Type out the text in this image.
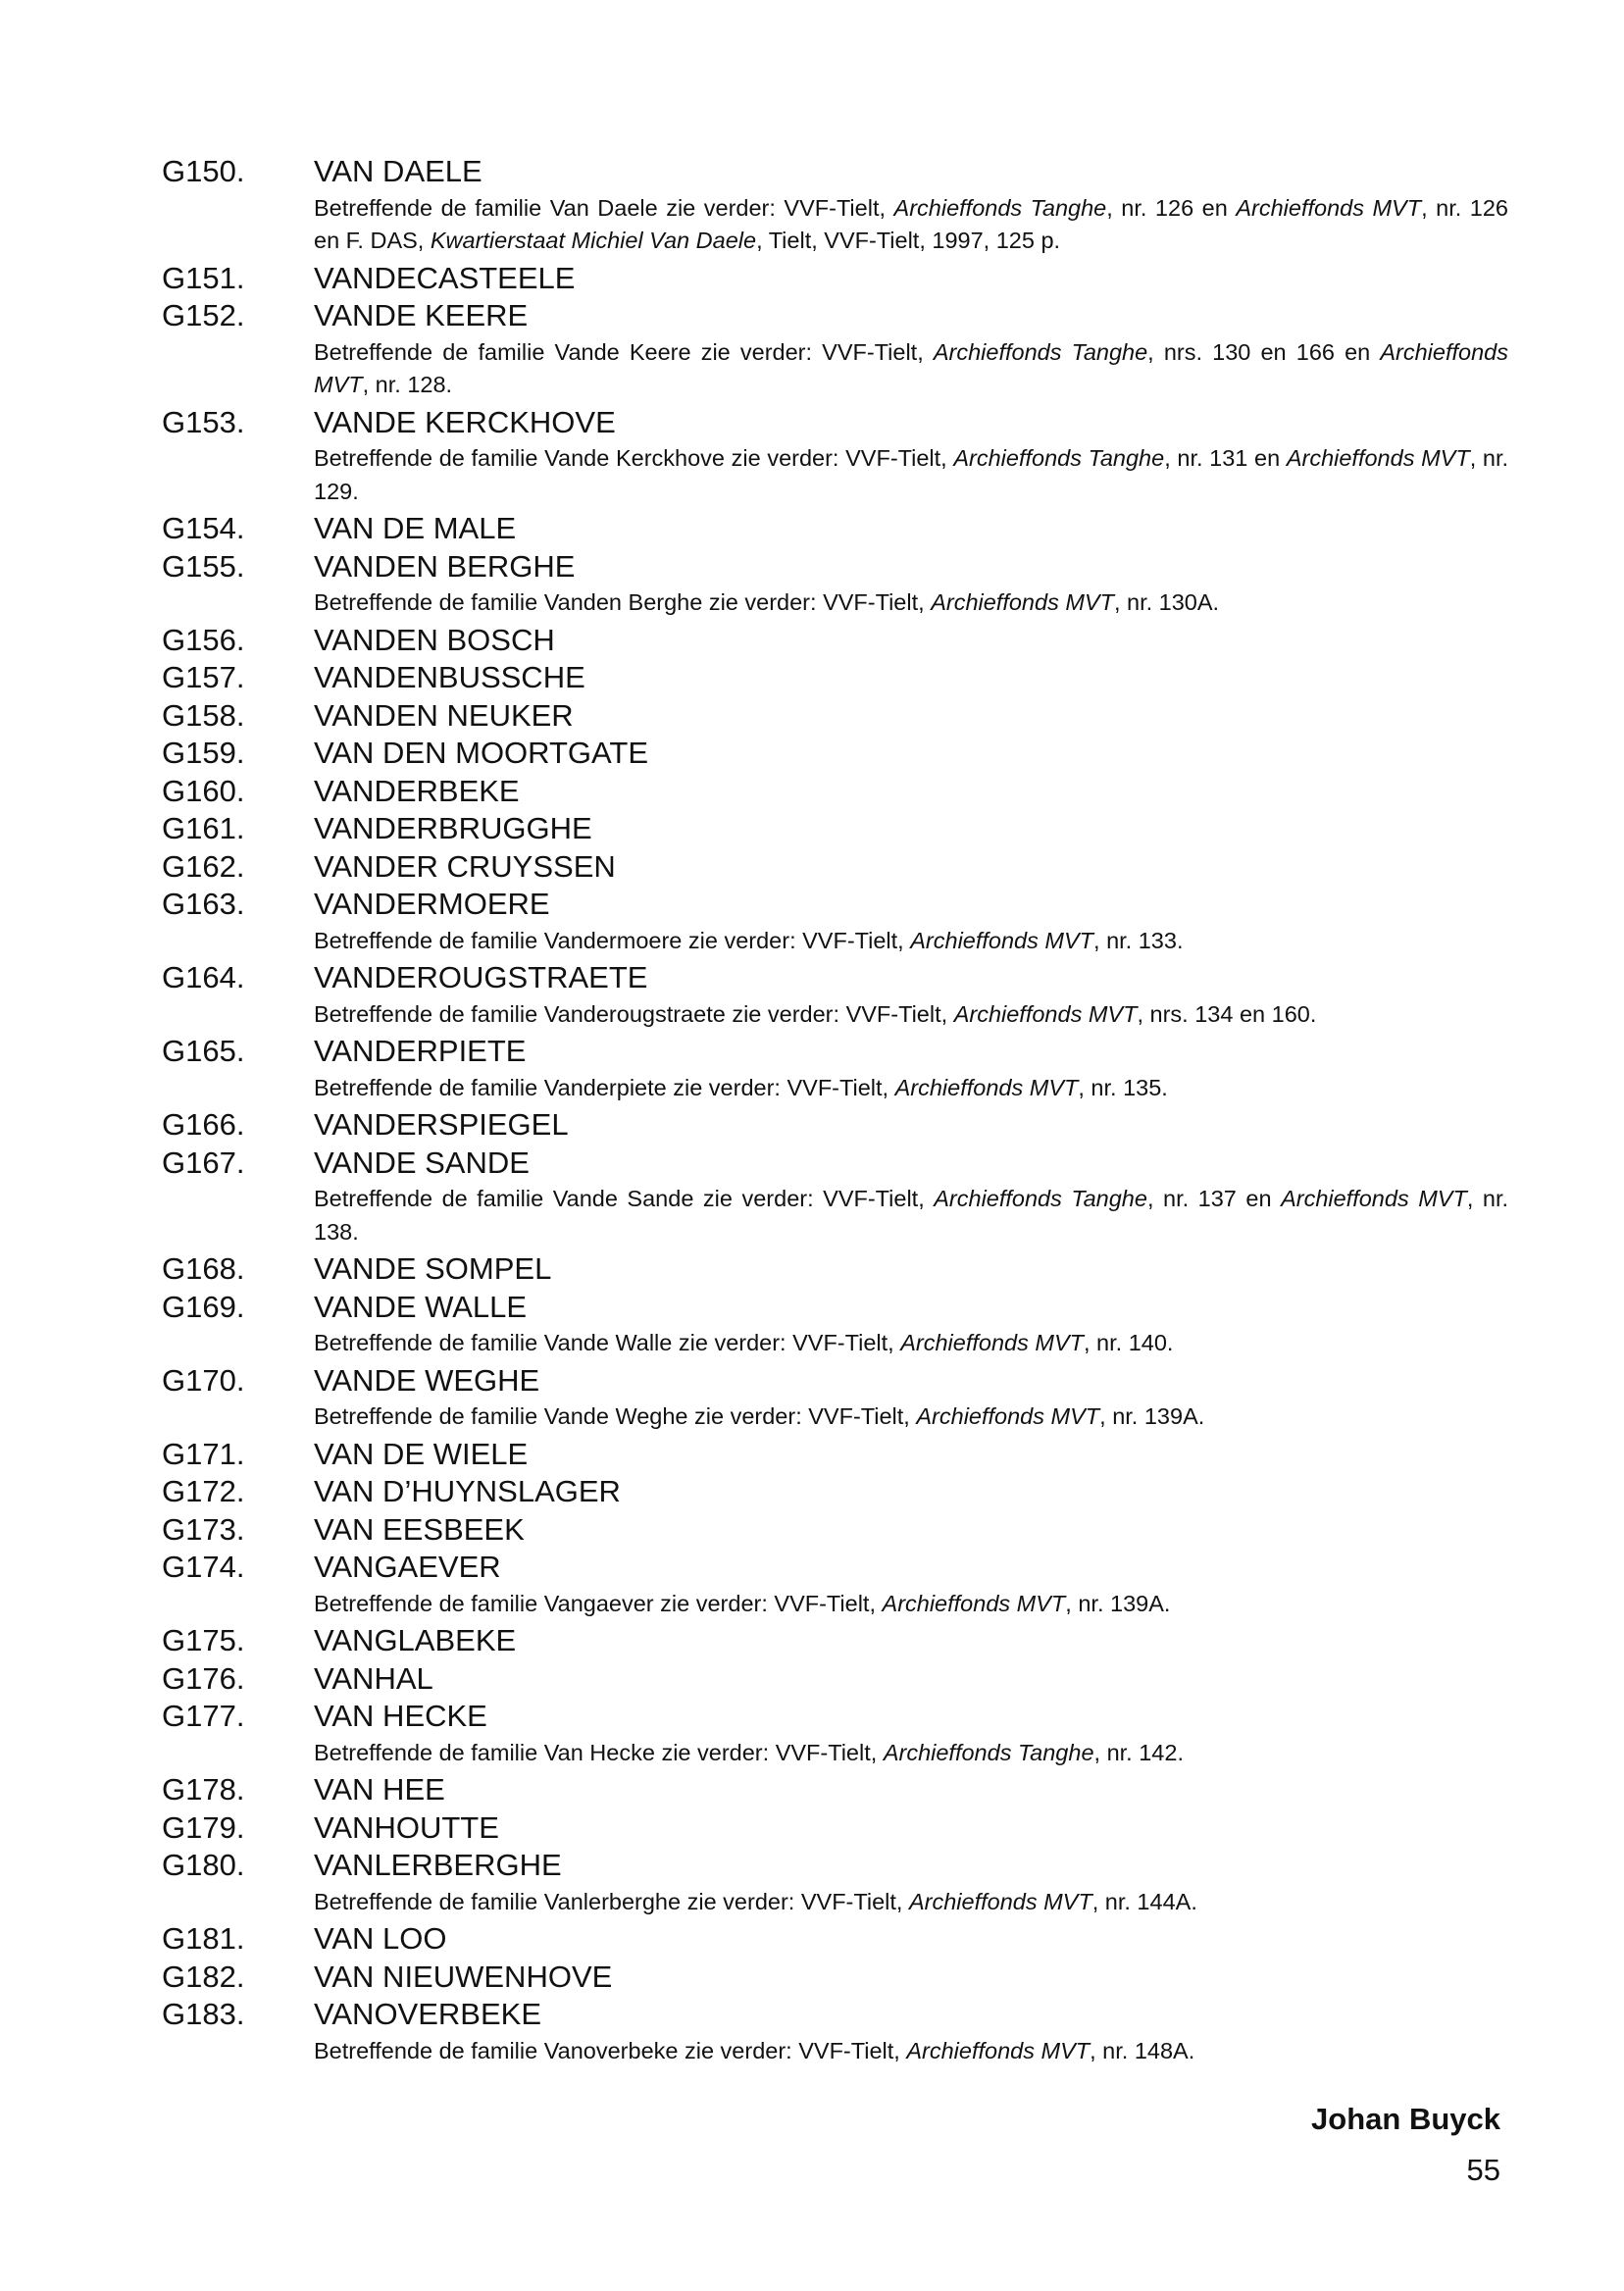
G150.	VAN DAELE
Betreffende de familie Van Daele zie verder: VVF-Tielt, Archieffonds Tanghe, nr. 126 en Archieffonds MVT, nr. 126 en F. DAS, Kwartierstaat Michiel Van Daele, Tielt, VVF-Tielt, 1997, 125 p.
G151.	VANDECASTEELE
G152.	VANDE KEERE
Betreffende de familie Vande Keere zie verder: VVF-Tielt, Archieffonds Tanghe, nrs. 130 en 166 en Archieffonds MVT, nr. 128.
G153.	VANDE KERCKHOVE
Betreffende de familie Vande Kerckhove zie verder: VVF-Tielt, Archieffonds Tanghe, nr. 131 en Archieffonds MVT, nr. 129.
G154.	VAN DE MALE
G155.	VANDEN BERGHE
Betreffende de familie Vanden Berghe zie verder: VVF-Tielt, Archieffonds MVT, nr. 130A.
G156.	VANDEN BOSCH
G157.	VANDENBUSSCHE
G158.	VANDEN NEUKER
G159.	VAN DEN MOORTGATE
G160.	VANDERBEKE
G161.	VANDERBRUGGHE
G162.	VANDER CRUYSSEN
G163.	VANDERMOERE
Betreffende de familie Vandermoere zie verder: VVF-Tielt, Archieffonds MVT, nr. 133.
G164.	VANDEROUGSTRAETE
Betreffende de familie Vanderougstraete zie verder: VVF-Tielt, Archieffonds MVT, nrs. 134 en 160.
G165.	VANDERPIETE
Betreffende de familie Vanderpiete zie verder: VVF-Tielt, Archieffonds MVT, nr. 135.
G166.	VANDERSPIEGEL
G167.	VANDE SANDE
Betreffende de familie Vande Sande zie verder: VVF-Tielt, Archieffonds Tanghe, nr. 137 en Archieffonds MVT, nr. 138.
G168.	VANDE SOMPEL
G169.	VANDE WALLE
Betreffende de familie Vande Walle zie verder: VVF-Tielt, Archieffonds MVT, nr. 140.
G170.	VANDE WEGHE
Betreffende de familie Vande Weghe zie verder: VVF-Tielt, Archieffonds MVT, nr. 139A.
G171.	VAN DE WIELE
G172.	VAN D’HUYNSLAGER
G173.	VAN EESBEEK
G174.	VANGAEVER
Betreffende de familie Vangaever zie verder: VVF-Tielt, Archieffonds MVT, nr. 139A.
G175.	VANGLABEKE
G176.	VANHAL
G177.	VAN HECKE
Betreffende de familie Van Hecke zie verder: VVF-Tielt, Archieffonds Tanghe, nr. 142.
G178.	VAN HEE
G179.	VANHOUTTE
G180.	VANLERBERGHE
Betreffende de familie Vanlerberghe zie verder: VVF-Tielt, Archieffonds MVT, nr. 144A.
G181.	VAN LOO
G182.	VAN NIEUWENHOVE
G183.	VANOVERBEKE
Betreffende de familie Vanoverbeke zie verder: VVF-Tielt, Archieffonds MVT, nr. 148A.
Johan Buyck
55
